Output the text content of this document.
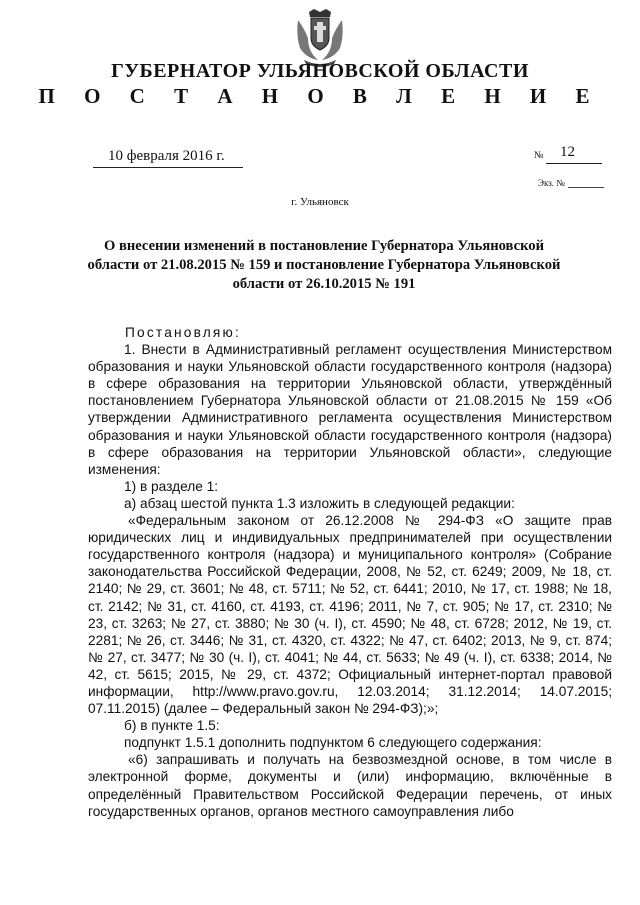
ГУБЕРНАТОР УЛЬЯНОВСКОЙ ОБЛАСТИ
П О С Т А Н О В Л Е Н И Е
10 февраля 2016 г.	№ 12
Экз. №
г. Ульяновск
О внесении изменений в постановление Губернатора Ульяновской области от 21.08.2015 № 159 и постановление Губернатора Ульяновской области от 26.10.2015 № 191

Постановляю:

1. Внести в Административный регламент осуществления Министерством образования и науки Ульяновской области государственного контроля (надзора) в сфере образования на территории Ульяновской области, утверждённый постановлением Губернатора Ульяновской области от 21.08.2015 № 159 «Об утверждении Административного регламента осуществления Министерством образования и науки Ульяновской области государственного контроля (надзора) в сфере образования на территории Ульяновской области», следующие изменения:

1) в разделе 1:

а) абзац шестой пункта 1.3 изложить в следующей редакции:

«Федеральным законом от 26.12.2008 № 294-ФЗ «О защите прав юридических лиц и индивидуальных предпринимателей при осуществлении государственного контроля (надзора) и муниципального контроля» (Собрание законодательства Российской Федерации, 2008, № 52, ст. 6249; 2009, № 18, ст. 2140; № 29, ст. 3601; № 48, ст. 5711; № 52, ст. 6441; 2010, № 17, ст. 1988; № 18, ст. 2142; № 31, ст. 4160, ст. 4193, ст. 4196; 2011, № 7, ст. 905; № 17, ст. 2310; № 23, ст. 3263; № 27, ст. 3880; № 30 (ч. I), ст. 4590; № 48, ст. 6728; 2012, № 19, ст. 2281; № 26, ст. 3446; № 31, ст. 4320, ст. 4322; № 47, ст. 6402; 2013, № 9, ст. 874; № 27, ст. 3477; № 30 (ч. I), ст. 4041; № 44, ст. 5633; № 49 (ч. I), ст. 6338; 2014, № 42, ст. 5615; 2015, № 29, ст. 4372; Официальный интернет-портал правовой информации, http://www.pravo.gov.ru, 12.03.2014; 31.12.2014; 14.07.2015; 07.11.2015) (далее – Федеральный закон № 294-ФЗ);»;

б) в пункте 1.5:

подпункт 1.5.1 дополнить подпунктом 6 следующего содержания:

«6) запрашивать и получать на безвозмездной основе, в том числе в электронной форме, документы и (или) информацию, включённые в определённый Правительством Российской Федерации перечень, от иных государственных органов, органов местного самоуправления либо
